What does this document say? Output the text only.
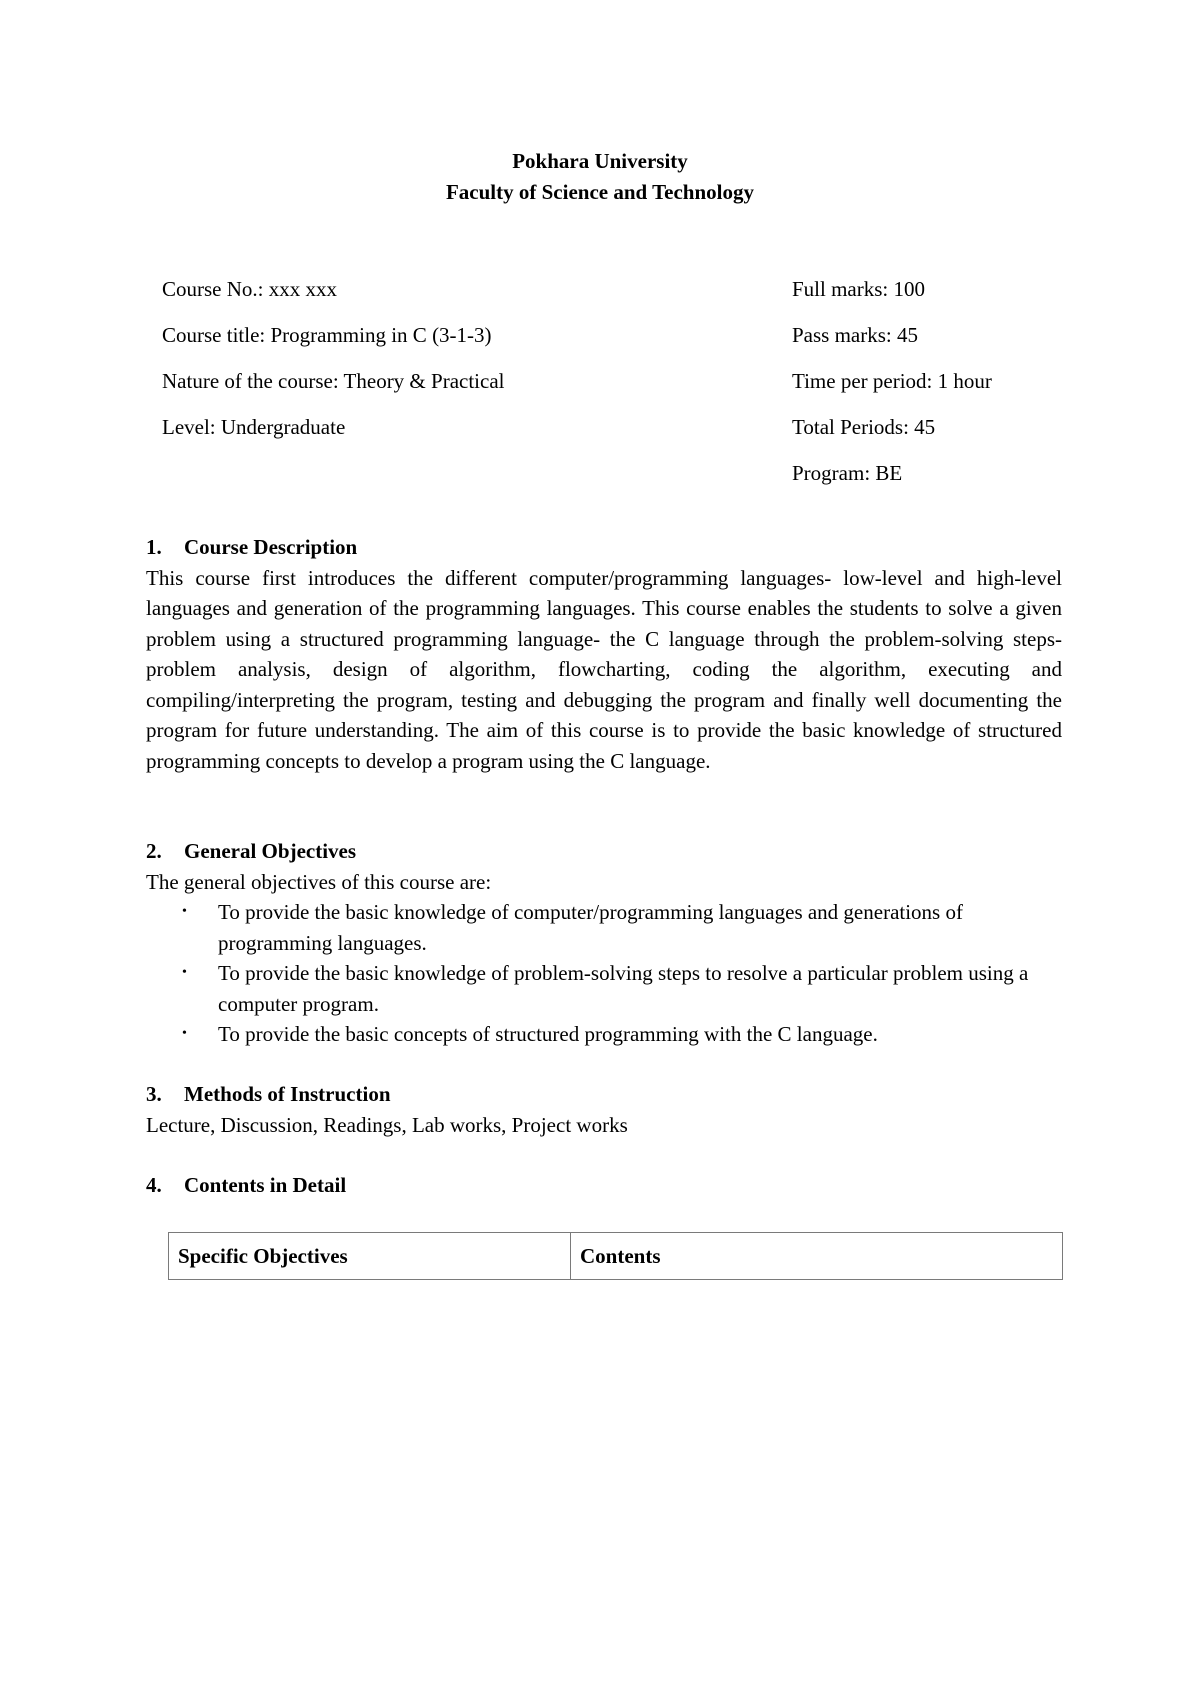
Pokhara University
Faculty of Science and Technology
Course No.: xxx xxx
Course title: Programming in C (3-1-3)
Nature of the course: Theory & Practical
Level: Undergraduate
Full marks: 100
Pass marks: 45
Time per period: 1 hour
Total Periods: 45
Program: BE
1. Course Description
This course first introduces the different computer/programming languages- low-level and high-level languages and generation of the programming languages. This course enables the students to solve a given problem using a structured programming language- the C language through the problem-solving steps- problem analysis, design of algorithm, flowcharting, coding the algorithm, executing and compiling/interpreting the program, testing and debugging the program and finally well documenting the program for future understanding. The aim of this course is to provide the basic knowledge of structured programming concepts to develop a program using the C language.
2. General Objectives
The general objectives of this course are:
• To provide the basic knowledge of computer/programming languages and generations of programming languages.
• To provide the basic knowledge of problem-solving steps to resolve a particular problem using a computer program.
• To provide the basic concepts of structured programming with the C language.
3. Methods of Instruction
Lecture, Discussion, Readings, Lab works, Project works
4. Contents in Detail
Specific Objectives	Contents
